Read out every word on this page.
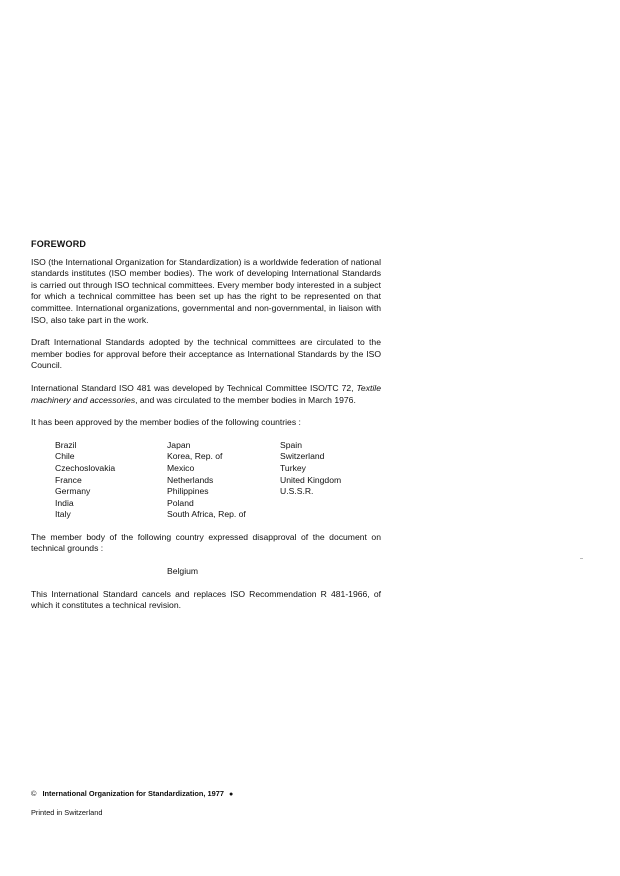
FOREWORD

ISO (the International Organization for Standardization) is a worldwide federation of national standards institutes (ISO member bodies). The work of developing International Standards is carried out through ISO technical committees. Every member body interested in a subject for which a technical committee has been set up has the right to be represented on that committee. International organizations, governmental and non-governmental, in liaison with ISO, also take part in the work.

Draft International Standards adopted by the technical committees are circulated to the member bodies for approval before their acceptance as International Standards by the ISO Council.

International Standard ISO 481 was developed by Technical Committee ISO/TC 72, Textile machinery and accessories, and was circulated to the member bodies in March 1976.

It has been approved by the member bodies of the following countries :

Brazil
Chile
Czechoslovakia
France
Germany
India
Italy
Japan
Korea, Rep. of
Mexico
Netherlands
Philippines
Poland
South Africa, Rep. of
Spain
Switzerland
Turkey
United Kingdom
U.S.S.R.

The member body of the following country expressed disapproval of the document on technical grounds :

Belgium

This International Standard cancels and replaces ISO Recommendation R 481-1966, of which it constitutes a technical revision.

© International Organization for Standardization, 1977 ●
Printed in Switzerland
